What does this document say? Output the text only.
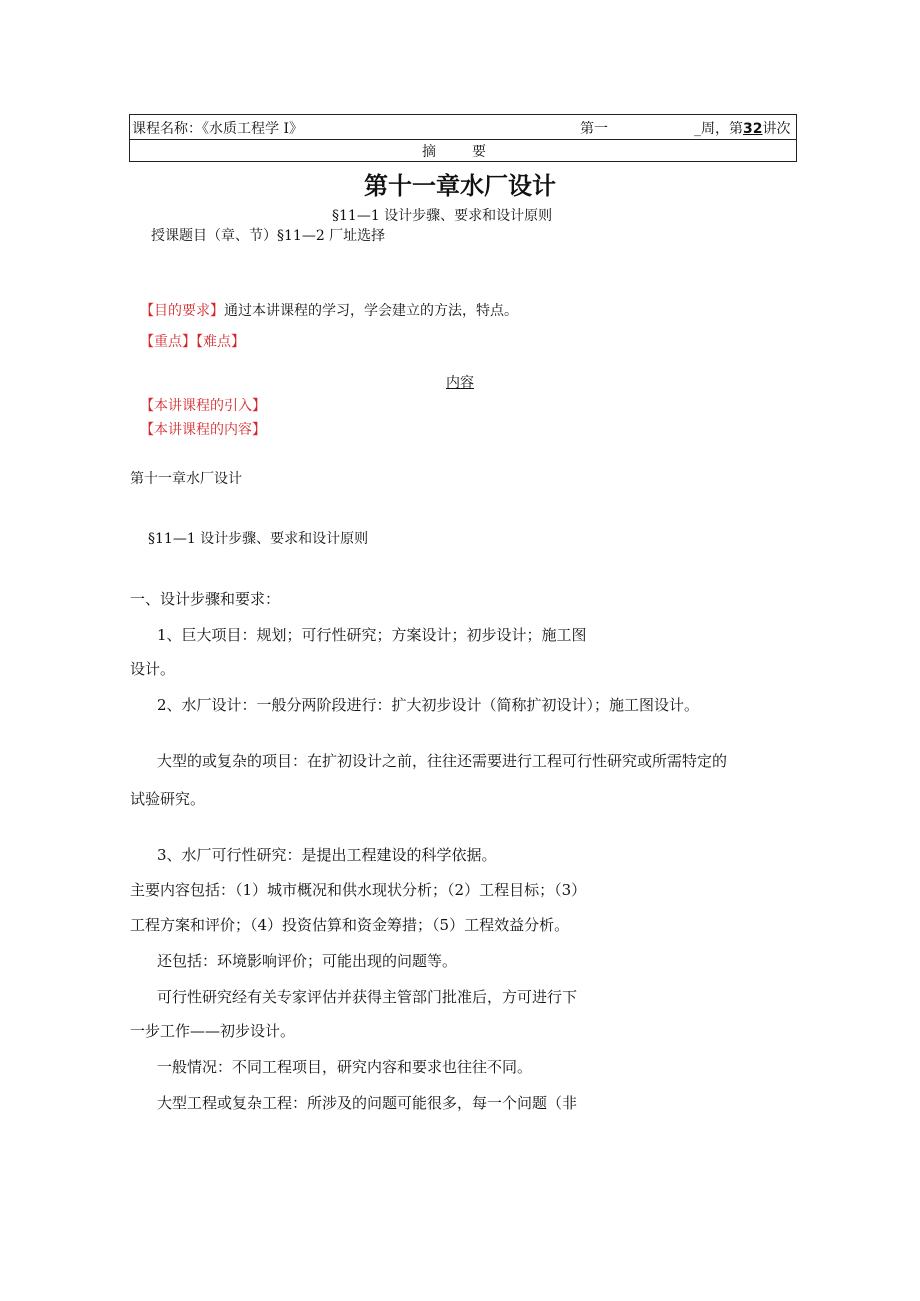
课程名称：《水质工程学 I》	第一	_周，第32讲次
摘要
第十一章水厂设计
§11—1 设计步骤、要求和设计原则
授课题目（章、节）§11—2 厂址选择
【目的要求】通过本讲课程的学习，学会建立的方法，特点。
【重点】【难点】
内容
【本讲课程的引入】
【本讲课程的内容】
第十一章水厂设计
§11—1 设计步骤、要求和设计原则
一、设计步骤和要求：
1、巨大项目：规划；可行性研究；方案设计；初步设计；施工图
设计。
2、水厂设计：一般分两阶段进行：扩大初步设计（简称扩初设计）；施工图设计。
大型的或复杂的项目：在扩初设计之前，往往还需要进行工程可行性研究或所需特定的
试验研究。
3、水厂可行性研究：是提出工程建设的科学依据。
主要内容包括：（1）城市概况和供水现状分析；（2）工程目标；（3）
工程方案和评价；（4）投资估算和资金筹措；（5）工程效益分析。
还包括：环境影响评价；可能出现的问题等。
可行性研究经有关专家评估并获得主管部门批准后，方可进行下
一步工作——初步设计。
一般情况：不同工程项目，研究内容和要求也往往不同。
大型工程或复杂工程：所涉及的问题可能很多，每一个问题（非
